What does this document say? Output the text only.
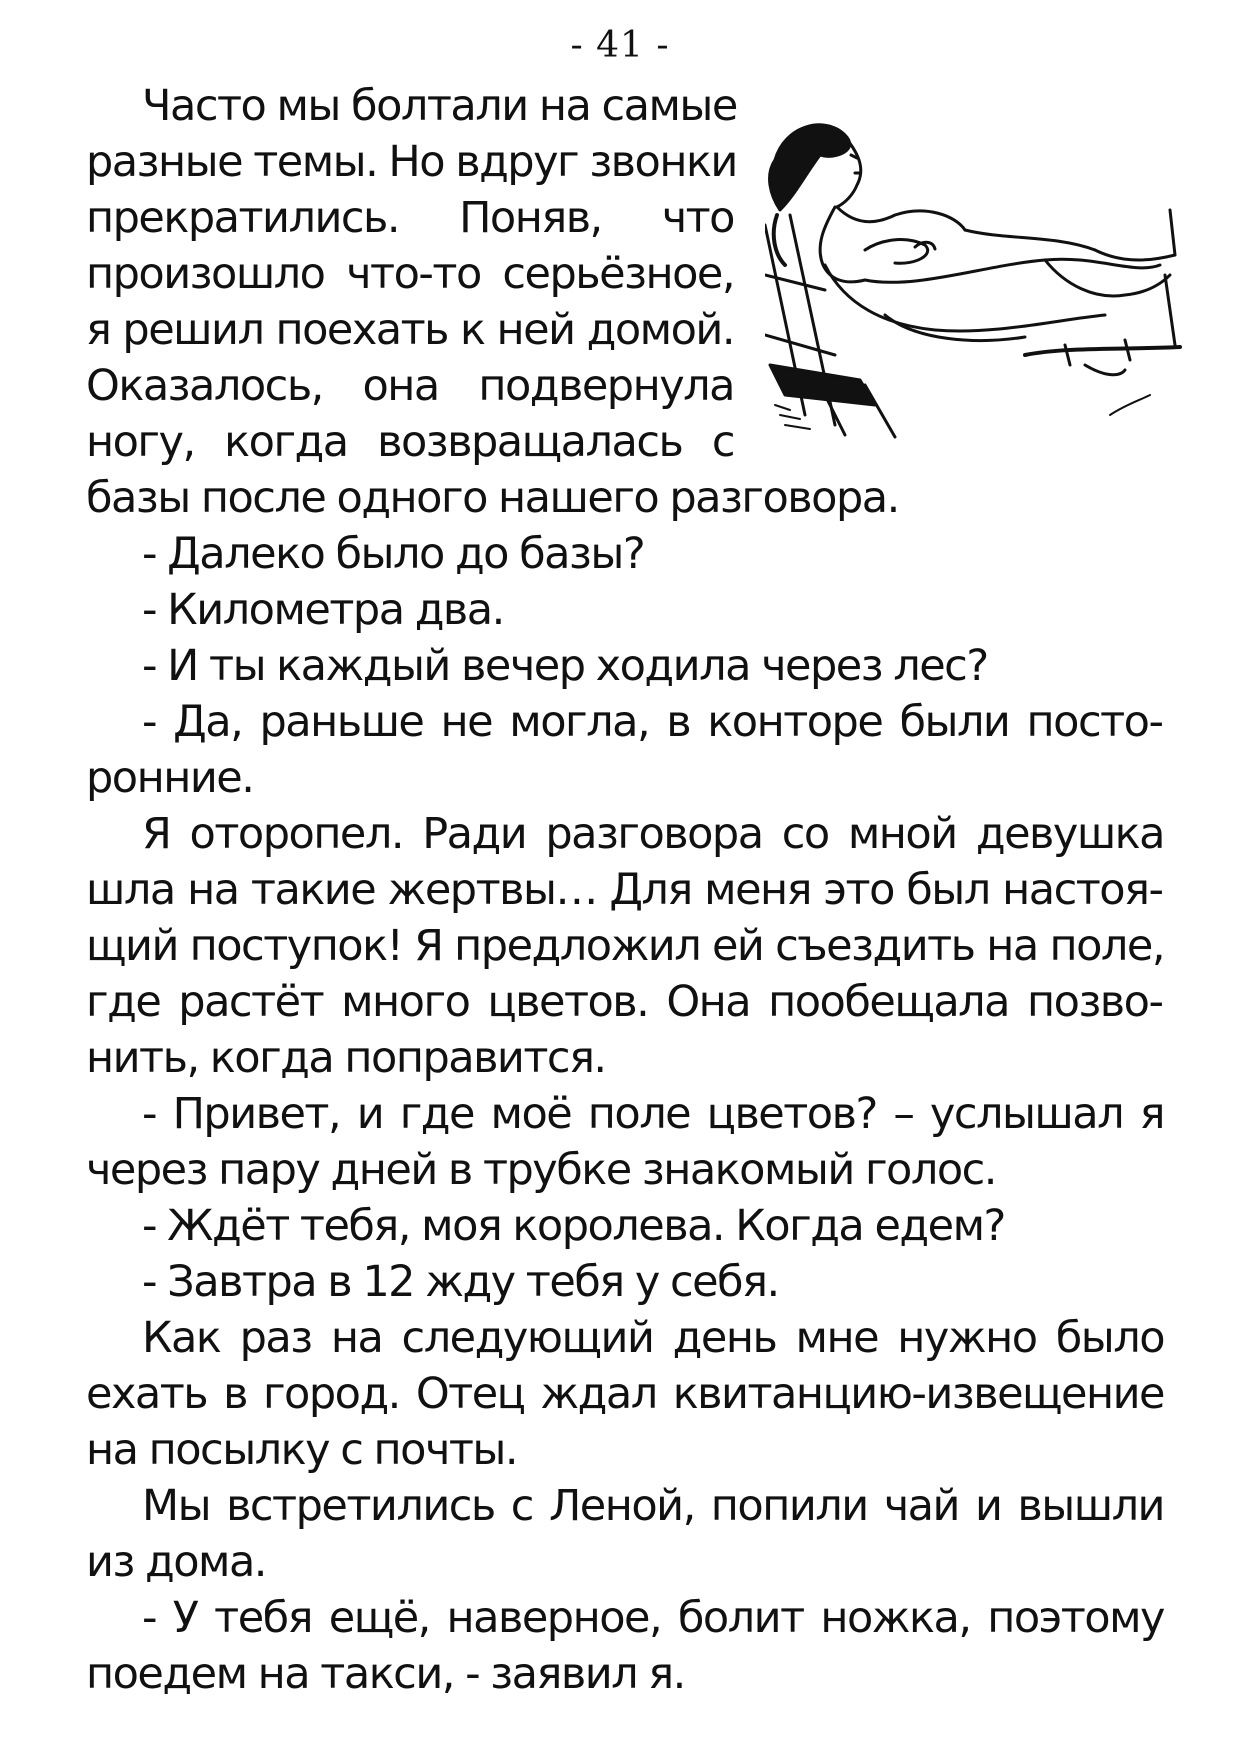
- 41 -
Часто мы болтали на самые
разные темы. Но вдруг звонки
прекратились. Поняв, что
произошло что-то серьёзное,
я решил поехать к ней домой.
Оказалось, она подвернула
ногу, когда возвращалась с
базы после одного нашего разговора.

- Далеко было до базы?

- Километра два.

- И ты каждый вечер ходила через лес?

- Да, раньше не могла, в конторе были посторонние.

Я оторопел. Ради разговора со мной девушка шла на такие жертвы… Для меня это был настоящий поступок! Я предложил ей съездить на поле, где растёт много цветов. Она пообещала позвонить, когда поправится.

- Привет, и где моё поле цветов? – услышал я через пару дней в трубке знакомый голос.

- Ждёт тебя, моя королева. Когда едем?

- Завтра в 12 жду тебя у себя.

Как раз на следующий день мне нужно было ехать в город. Отец ждал квитанцию-извещение на посылку с почты.

Мы встретились с Леной, попили чай и вышли из дома.

- У тебя ещё, наверное, болит ножка, поэтому поедем на такси, - заявил я.
